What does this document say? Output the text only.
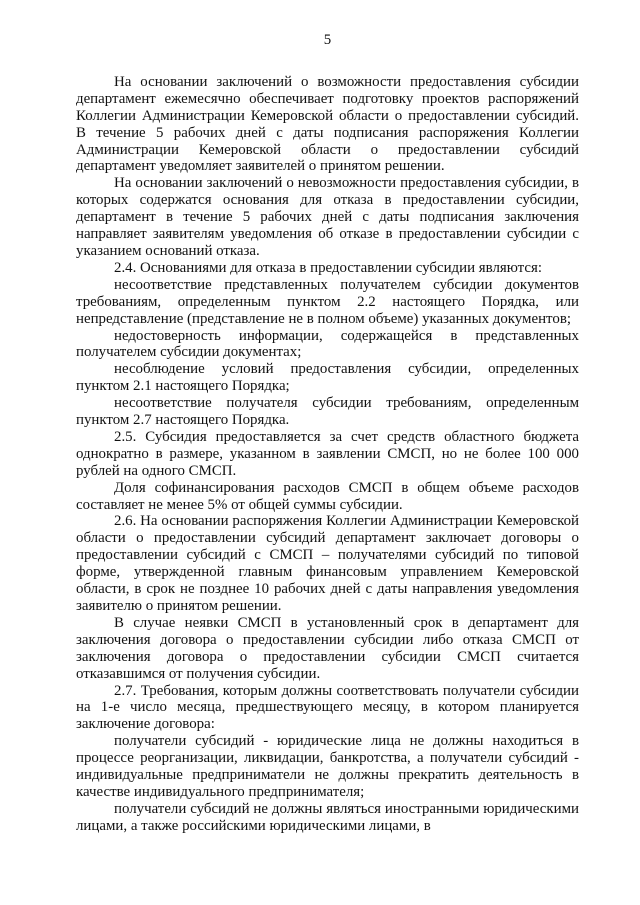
5

На основании заключений о возможности предоставления субсидии департамент ежемесячно обеспечивает подготовку проектов распоряжений Коллегии Администрации Кемеровской области о предоставлении субсидий. В течение 5 рабочих дней с даты подписания распоряжения Коллегии Администрации Кемеровской области о предоставлении субсидий департамент уведомляет заявителей о принятом решении.

На основании заключений о невозможности предоставления субсидии, в которых содержатся основания для отказа в предоставлении субсидии, департамент в течение 5 рабочих дней с даты подписания заключения направляет заявителям уведомления об отказе в предоставлении субсидии с указанием оснований отказа.

2.4. Основаниями для отказа в предоставлении субсидии являются:

несоответствие представленных получателем субсидии документов требованиям, определенным пунктом 2.2 настоящего Порядка, или непредставление (представление не в полном объеме) указанных документов;

недостоверность информации, содержащейся в представленных получателем субсидии документах;

несоблюдение условий предоставления субсидии, определенных пунктом 2.1 настоящего Порядка;

несоответствие получателя субсидии требованиям, определенным пунктом 2.7 настоящего Порядка.

2.5. Субсидия предоставляется за счет средств областного бюджета однократно в размере, указанном в заявлении СМСП, но не более 100 000 рублей на одного СМСП.

Доля софинансирования расходов СМСП в общем объеме расходов составляет не менее 5% от общей суммы субсидии.

2.6. На основании распоряжения Коллегии Администрации Кемеровской области о предоставлении субсидий департамент заключает договоры о предоставлении субсидий с СМСП – получателями субсидий по типовой форме, утвержденной главным финансовым управлением Кемеровской области, в срок не позднее 10 рабочих дней с даты направления уведомления заявителю о принятом решении.

В случае неявки СМСП в установленный срок в департамент для заключения договора о предоставлении субсидии либо отказа СМСП от заключения договора о предоставлении субсидии СМСП считается отказавшимся от получения субсидии.

2.7. Требования, которым должны соответствовать получатели субсидии на 1-е число месяца, предшествующего месяцу, в котором планируется заключение договора:

получатели субсидий - юридические лица не должны находиться в процессе реорганизации, ликвидации, банкротства, а получатели субсидий - индивидуальные предприниматели не должны прекратить деятельность в качестве индивидуального предпринимателя;

получатели субсидий не должны являться иностранными юридическими лицами, а также российскими юридическими лицами, в
